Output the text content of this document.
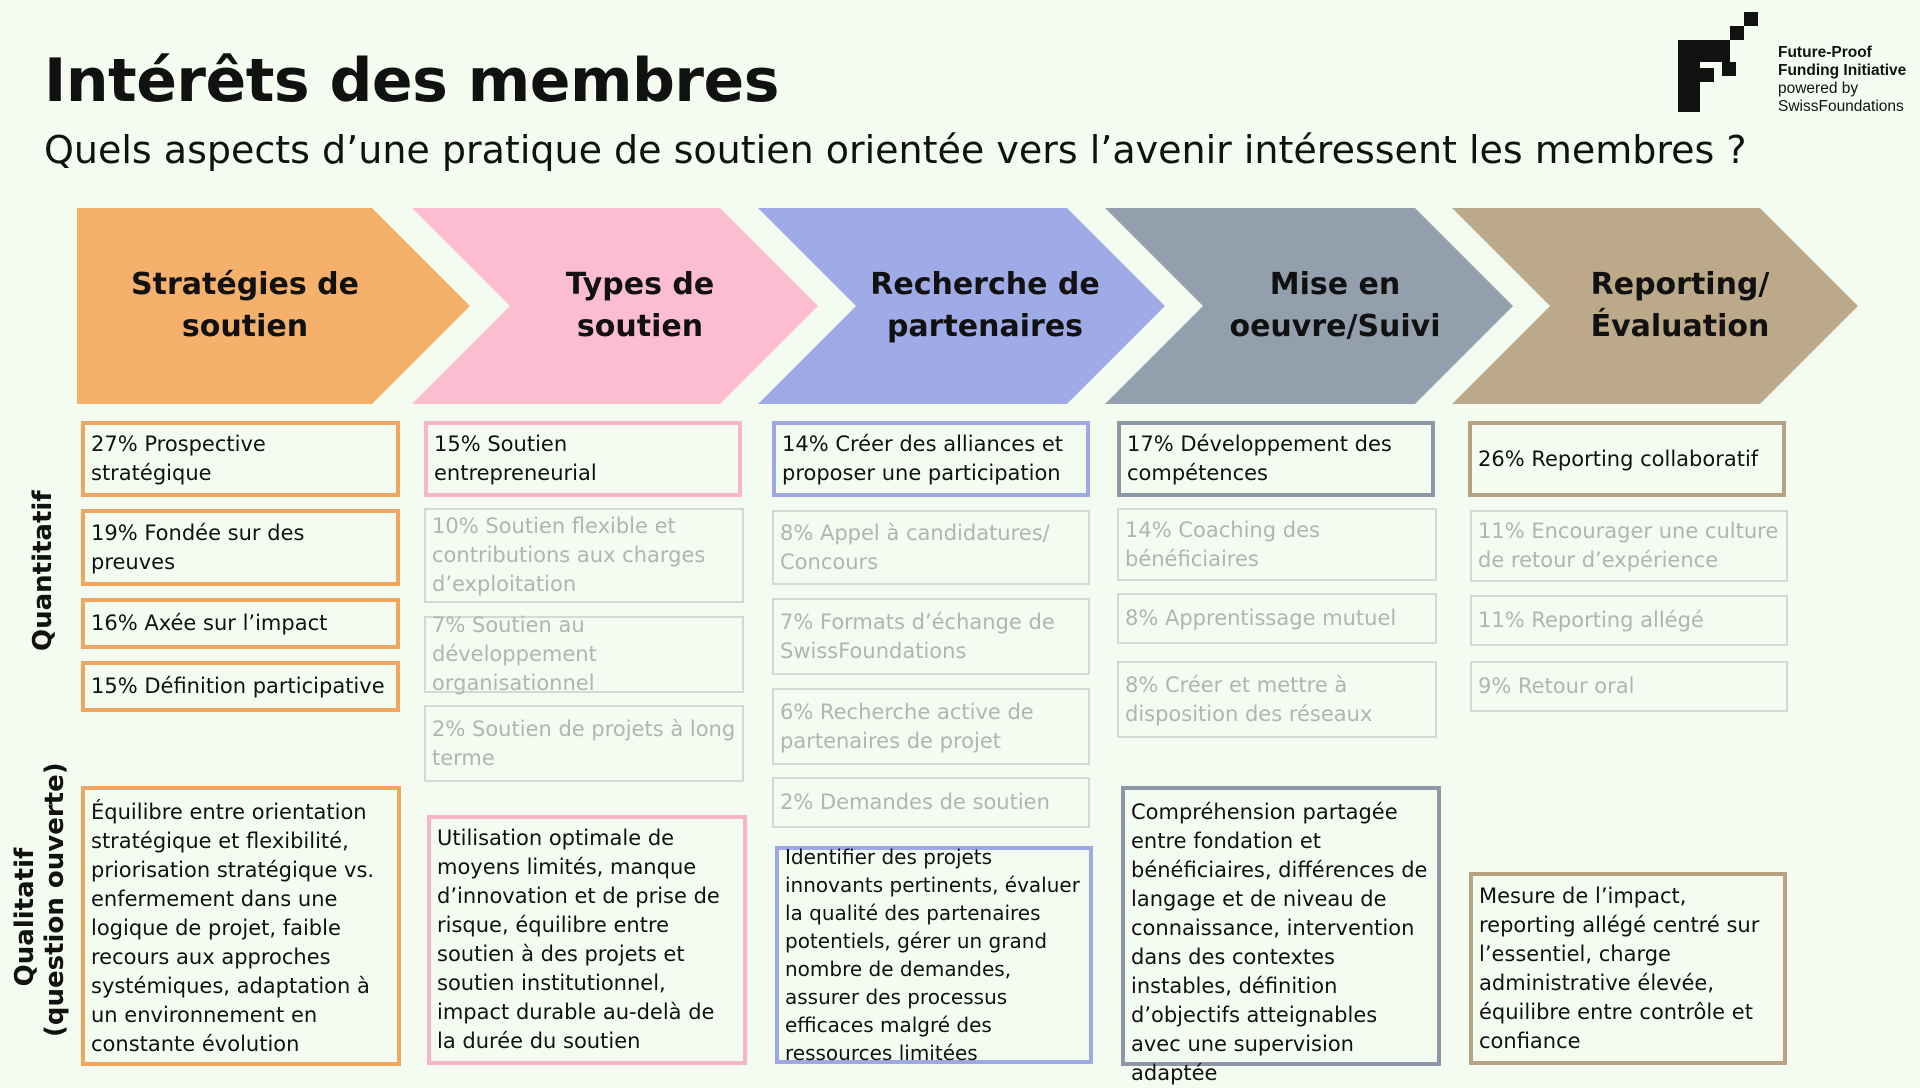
Intérêts des membres
Quels aspects d’une pratique de soutien orientée vers l’avenir intéressent les membres ?
Future-Proof
Funding Initiative
powered by
SwissFoundations
Stratégies de soutien
Types de soutien
Recherche de partenaires
Mise en oeuvre/Suivi
Reporting/ Évaluation
Quantitatif
Qualitatif
(question ouverte)
27% Prospective stratégique
19% Fondée sur des preuves
16% Axée sur l’impact
15% Définition participative
Équilibre entre orientation stratégique et flexibilité, priorisation stratégique vs. enfermement dans une logique de projet, faible recours aux approches systémiques, adaptation à un environnement en constante évolution
15% Soutien entrepreneurial
10% Soutien flexible et contributions aux charges d’exploitation
7% Soutien au développement organisationnel
2% Soutien de projets à long terme
Utilisation optimale de moyens limités, manque d’innovation et de prise de risque, équilibre entre soutien à des projets et soutien institutionnel, impact durable au-delà de la durée du soutien
14% Créer des alliances et proposer une participation
8% Appel à candidatures/ Concours
7% Formats d’échange de SwissFoundations
6% Recherche active de partenaires de projet
2% Demandes de soutien
Identifier des projets innovants pertinents, évaluer la qualité des partenaires potentiels, gérer un grand nombre de demandes, assurer des processus efficaces malgré des ressources limitées
17% Développement des compétences
14% Coaching des bénéficiaires
8% Apprentissage mutuel
8% Créer et mettre à disposition des réseaux
Compréhension partagée entre fondation et bénéficiaires, différences de langage et de niveau de connaissance, intervention dans des contextes instables, définition d’objectifs atteignables avec une supervision adaptée
26% Reporting collaboratif
11% Encourager une culture de retour d’expérience
11% Reporting allégé
9% Retour oral
Mesure de l’impact, reporting allégé centré sur l’essentiel, charge administrative élevée, équilibre entre contrôle et confiance
